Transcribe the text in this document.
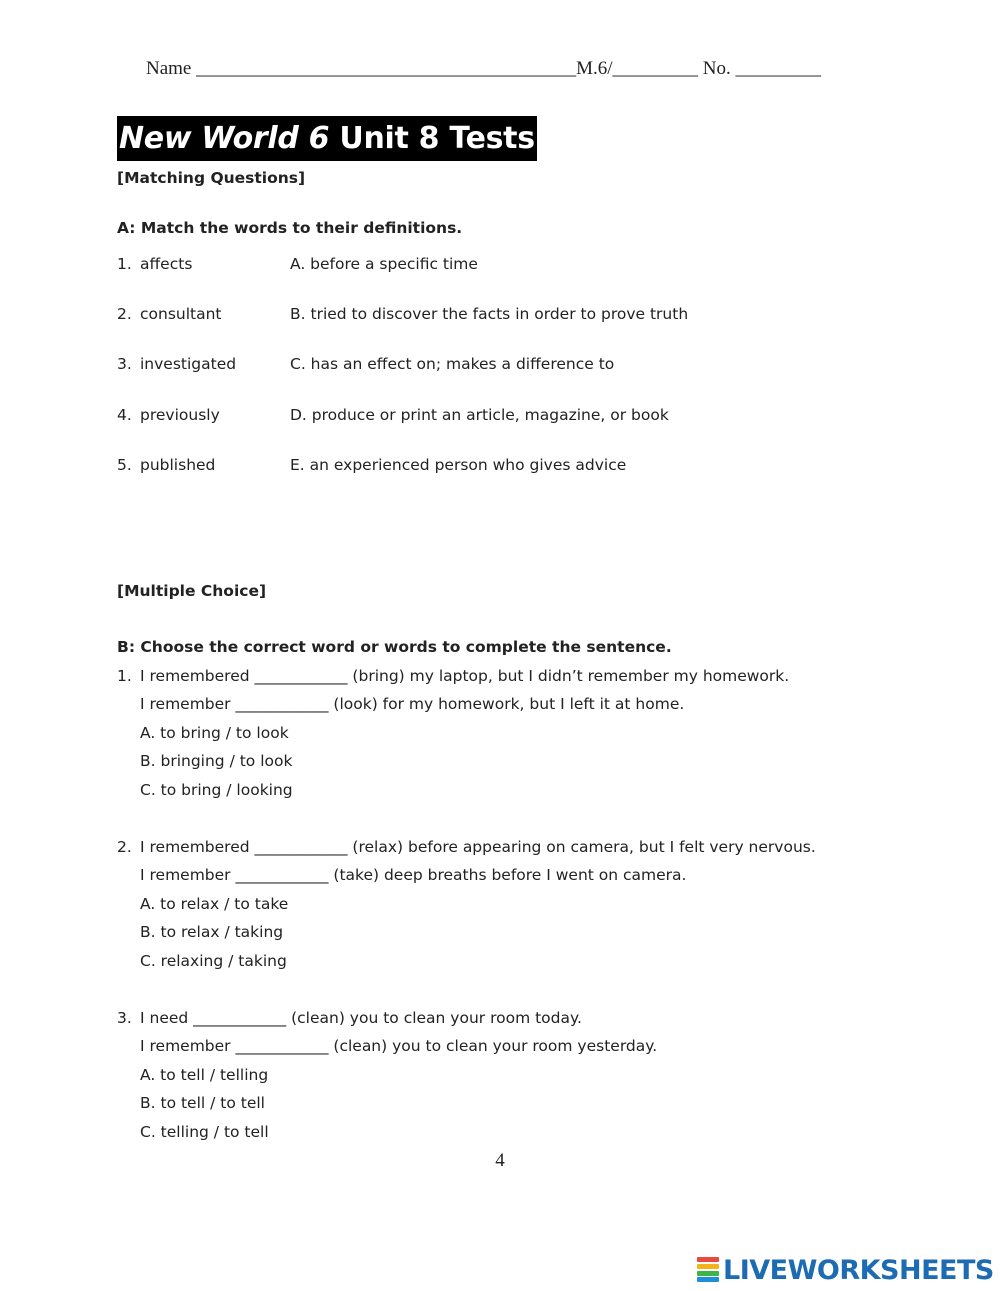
Name ________________________________________M.6/_________ No. _________
New World 6 Unit 8 Tests
[Matching Questions]
A: Match the words to their definitions.
1. affects	A. before a specific time
2. consultant	B. tried to discover the facts in order to prove truth
3. investigated	C. has an effect on; makes a difference to
4. previously	D. produce or print an article, magazine, or book
5. published	E. an experienced person who gives advice
[Multiple Choice]
B: Choose the correct word or words to complete the sentence.
1. I remembered ____________ (bring) my laptop, but I didn’t remember my homework.
I remember ____________ (look) for my homework, but I left it at home.
A. to bring / to look
B. bringing / to look
C. to bring / looking
2. I remembered ____________ (relax) before appearing on camera, but I felt very nervous.
I remember ____________ (take) deep breaths before I went on camera.
A. to relax / to take
B. to relax / taking
C. relaxing / taking
3. I need ____________ (clean) you to clean your room today.
I remember ____________ (clean) you to clean your room yesterday.
A. to tell / telling
B. to tell / to tell
C. telling / to tell
4
LIVEWORKSHEETS
